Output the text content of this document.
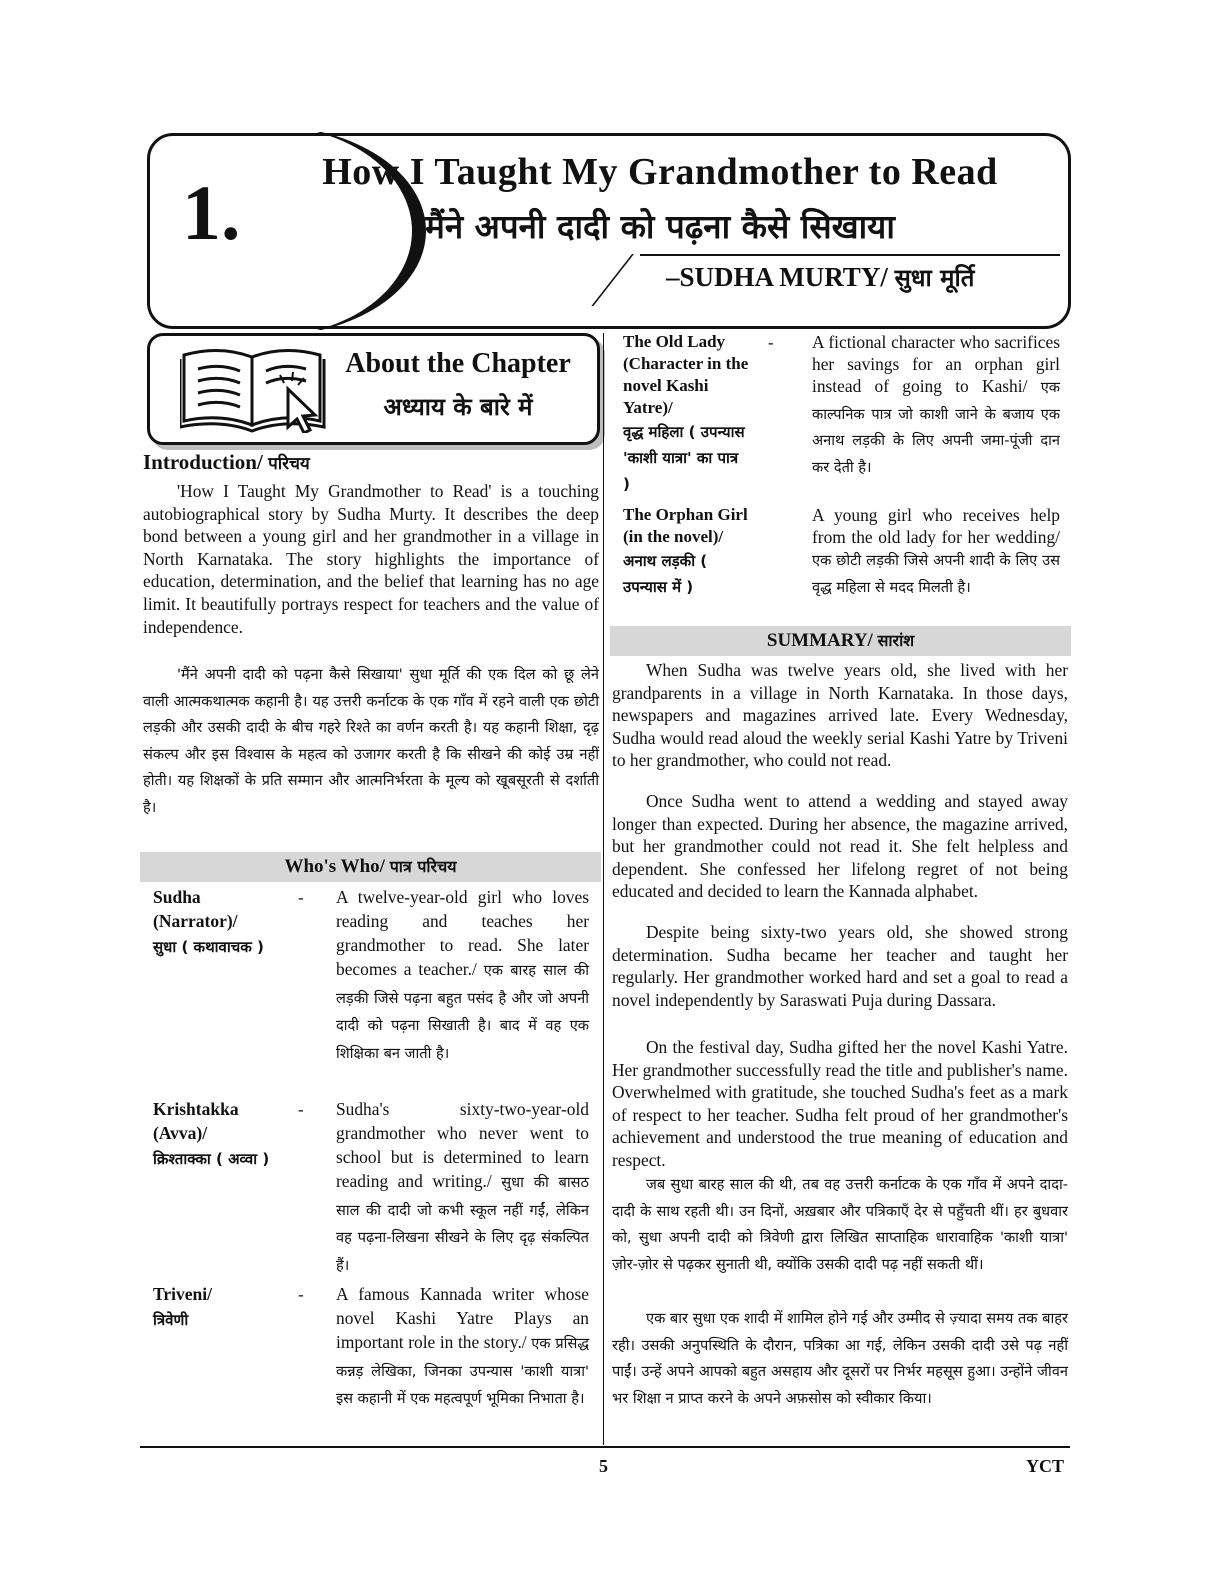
1.	How I Taught My Grandmother to Read
मैंने अपनी दादी को पढ़ना कैसे सिखाया
–SUDHA MURTY/ सुधा मूर्ति
About the Chapter
अध्याय के बारे में
Introduction/ परिचय
'How I Taught My Grandmother to Read' is a touching autobiographical story by Sudha Murty. It describes the deep bond between a young girl and her grandmother in a village in North Karnataka. The story highlights the importance of education, determination, and the belief that learning has no age limit. It beautifully portrays respect for teachers and the value of independence.
'मैंने अपनी दादी को पढ़ना कैसे सिखाया' सुधा मूर्ति की एक दिल को छू लेने वाली आत्मकथात्मक कहानी है। यह उत्तरी कर्नाटक के एक गाँव में रहने वाली एक छोटी लड़की और उसकी दादी के बीच गहरे रिश्ते का वर्णन करती है। यह कहानी शिक्षा, दृढ़ संकल्प और इस विश्वास के महत्व को उजागर करती है कि सीखने की कोई उम्र नहीं होती। यह शिक्षकों के प्रति सम्मान और आत्मनिर्भरता के मूल्य को खूबसूरती से दर्शाती है।
Who's Who/ पात्र परिचय
Sudha (Narrator)/
सुधा ( कथावाचक )
- A twelve-year-old girl who loves reading and teaches her grandmother to read. She later becomes a teacher./ एक बारह साल की लड़की जिसे पढ़ना बहुत पसंद है और जो अपनी दादी को पढ़ना सिखाती है। बाद में वह एक शिक्षिका बन जाती है।
Krishtakka (Avva)/
क्रिश्ताक्का ( अव्वा )
- Sudha's sixty-two-year-old grandmother who never went to school but is determined to learn reading and writing./ सुधा की बासठ साल की दादी जो कभी स्कूल नहीं गईं, लेकिन वह पढ़ना-लिखना सीखने के लिए दृढ़ संकल्पित हैं।
Triveni/
त्रिवेणी
- A famous Kannada writer whose novel Kashi Yatre Plays an important role in the story./ एक प्रसिद्ध कन्नड़ लेखिका, जिनका उपन्यास 'काशी यात्रा' इस कहानी में एक महत्वपूर्ण भूमिका निभाता है।
The Old Lady (Character in the novel Kashi Yatre)/
वृद्ध महिला ( उपन्यास 'काशी यात्रा' का पात्र )
- A fictional character who sacrifices her savings for an orphan girl instead of going to Kashi/ एक काल्पनिक पात्र जो काशी जाने के बजाय एक अनाथ लड़की के लिए अपनी जमा-पूंजी दान कर देती है।
The Orphan Girl (in the novel)/
अनाथ लड़की ( उपन्यास में )
A young girl who receives help from the old lady for her wedding/ एक छोटी लड़की जिसे अपनी शादी के लिए उस वृद्ध महिला से मदद मिलती है।
SUMMARY/ सारांश
When Sudha was twelve years old, she lived with her grandparents in a village in North Karnataka. In those days, newspapers and magazines arrived late. Every Wednesday, Sudha would read aloud the weekly serial Kashi Yatre by Triveni to her grandmother, who could not read.
Once Sudha went to attend a wedding and stayed away longer than expected. During her absence, the magazine arrived, but her grandmother could not read it. She felt helpless and dependent. She confessed her lifelong regret of not being educated and decided to learn the Kannada alphabet.
Despite being sixty-two years old, she showed strong determination. Sudha became her teacher and taught her regularly. Her grandmother worked hard and set a goal to read a novel independently by Saraswati Puja during Dassara.
On the festival day, Sudha gifted her the novel Kashi Yatre. Her grandmother successfully read the title and publisher's name. Overwhelmed with gratitude, she touched Sudha's feet as a mark of respect to her teacher. Sudha felt proud of her grandmother's achievement and understood the true meaning of education and respect.
जब सुधा बारह साल की थी, तब वह उत्तरी कर्नाटक के एक गाँव में अपने दादा-दादी के साथ रहती थी। उन दिनों, अख़बार और पत्रिकाएँ देर से पहुँचती थीं। हर बुधवार को, सुधा अपनी दादी को त्रिवेणी द्वारा लिखित साप्ताहिक धारावाहिक 'काशी यात्रा' ज़ोर-ज़ोर से पढ़कर सुनाती थी, क्योंकि उसकी दादी पढ़ नहीं सकती थीं।
एक बार सुधा एक शादी में शामिल होने गई और उम्मीद से ज़्यादा समय तक बाहर रही। उसकी अनुपस्थिति के दौरान, पत्रिका आ गई, लेकिन उसकी दादी उसे पढ़ नहीं पाईं। उन्हें अपने आपको बहुत असहाय और दूसरों पर निर्भर महसूस हुआ। उन्होंने जीवन भर शिक्षा न प्राप्त करने के अपने अफ़सोस को स्वीकार किया।
5	YCT
